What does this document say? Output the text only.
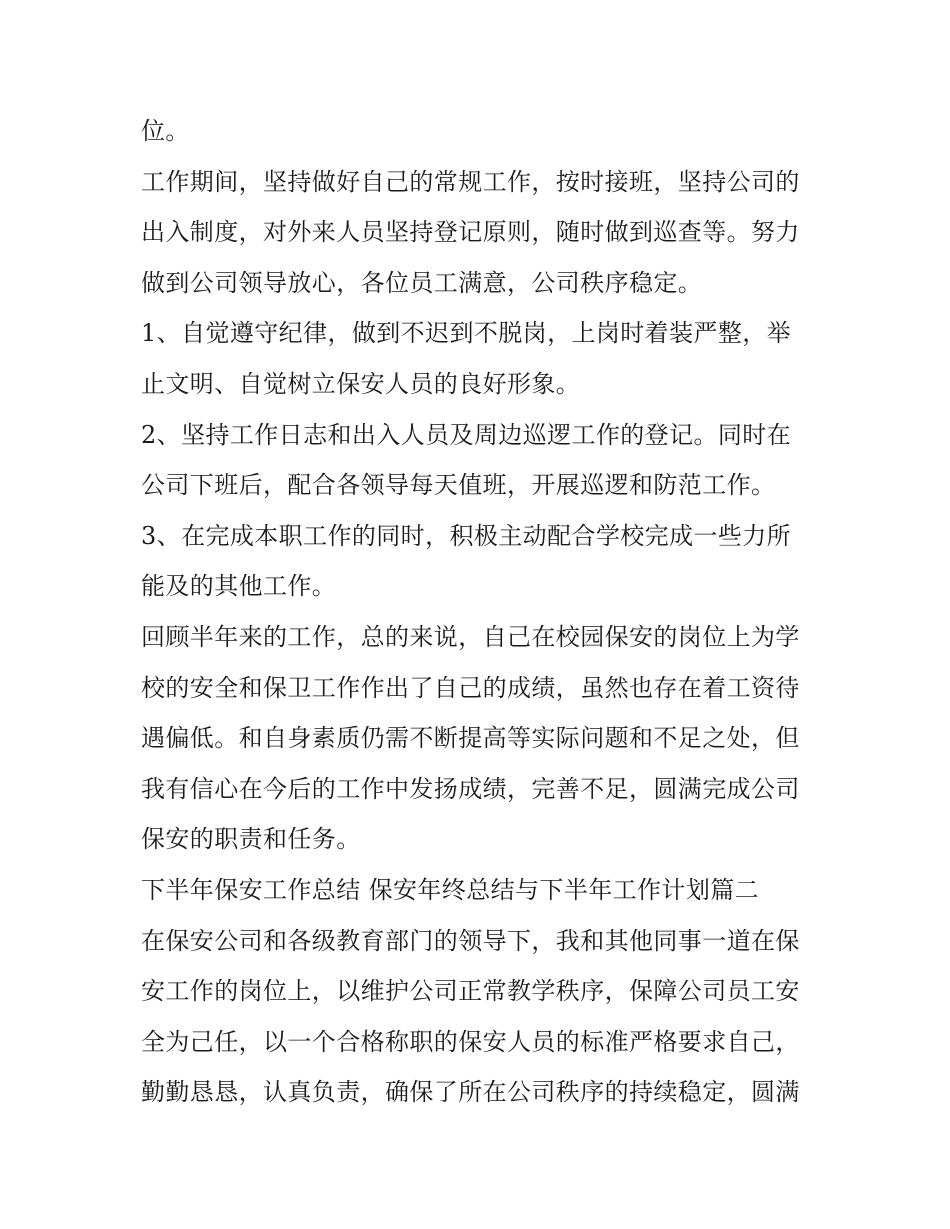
位。
工作期间，坚持做好自己的常规工作，按时接班，坚持公司的
出入制度，对外来人员坚持登记原则，随时做到巡查等。努力
做到公司领导放心，各位员工满意，公司秩序稳定。
1、自觉遵守纪律，做到不迟到不脱岗，上岗时着装严整，举
止文明、自觉树立保安人员的良好形象。
2、坚持工作日志和出入人员及周边巡逻工作的登记。同时在
公司下班后，配合各领导每天值班，开展巡逻和防范工作。
3、在完成本职工作的同时，积极主动配合学校完成一些力所
能及的其他工作。
回顾半年来的工作，总的来说，自己在校园保安的岗位上为学
校的安全和保卫工作作出了自己的成绩，虽然也存在着工资待
遇偏低。和自身素质仍需不断提高等实际问题和不足之处，但
我有信心在今后的工作中发扬成绩，完善不足，圆满完成公司
保安的职责和任务。
下半年保安工作总结 保安年终总结与下半年工作计划篇二
在保安公司和各级教育部门的领导下，我和其他同事一道在保
安工作的岗位上，以维护公司正常教学秩序，保障公司员工安
全为己任，以一个合格称职的保安人员的标准严格要求自己，
勤勤恳恳，认真负责，确保了所在公司秩序的持续稳定，圆满
